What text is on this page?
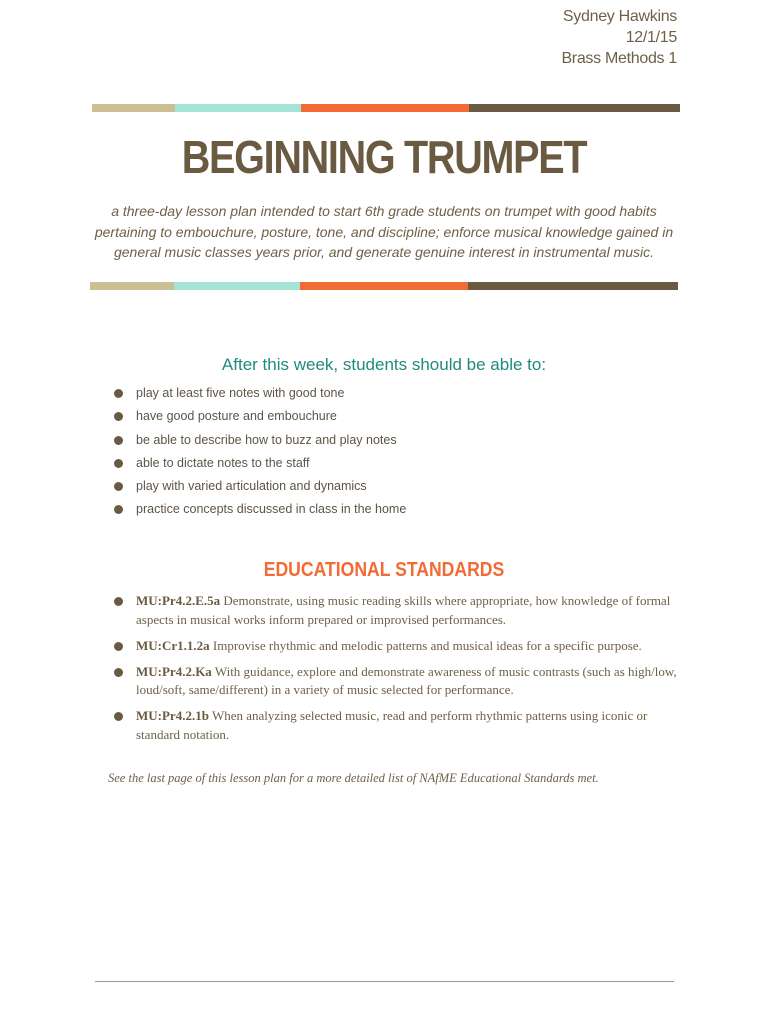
Sydney Hawkins
12/1/15
Brass Methods 1
BEGINNING TRUMPET
a three-day lesson plan intended to start 6th grade students on trumpet with good habits pertaining to embouchure, posture, tone, and discipline; enforce musical knowledge gained in general music classes years prior, and generate genuine interest in instrumental music.
After this week, students should be able to:
play at least five notes with good tone
have good posture and embouchure
be able to describe how to buzz and play notes
able to dictate notes to the staff
play with varied articulation and dynamics
practice concepts discussed in class in the home
EDUCATIONAL STANDARDS
MU:Pr4.2.E.5a Demonstrate, using music reading skills where appropriate, how knowledge of formal aspects in musical works inform prepared or improvised performances.
MU:Cr1.1.2a Improvise rhythmic and melodic patterns and musical ideas for a specific purpose.
MU:Pr4.2.Ka With guidance, explore and demonstrate awareness of music contrasts (such as high/low, loud/soft, same/different) in a variety of music selected for performance.
MU:Pr4.2.1b When analyzing selected music, read and perform rhythmic patterns using iconic or standard notation.
See the last page of this lesson plan for a more detailed list of NAfME Educational Standards met.
